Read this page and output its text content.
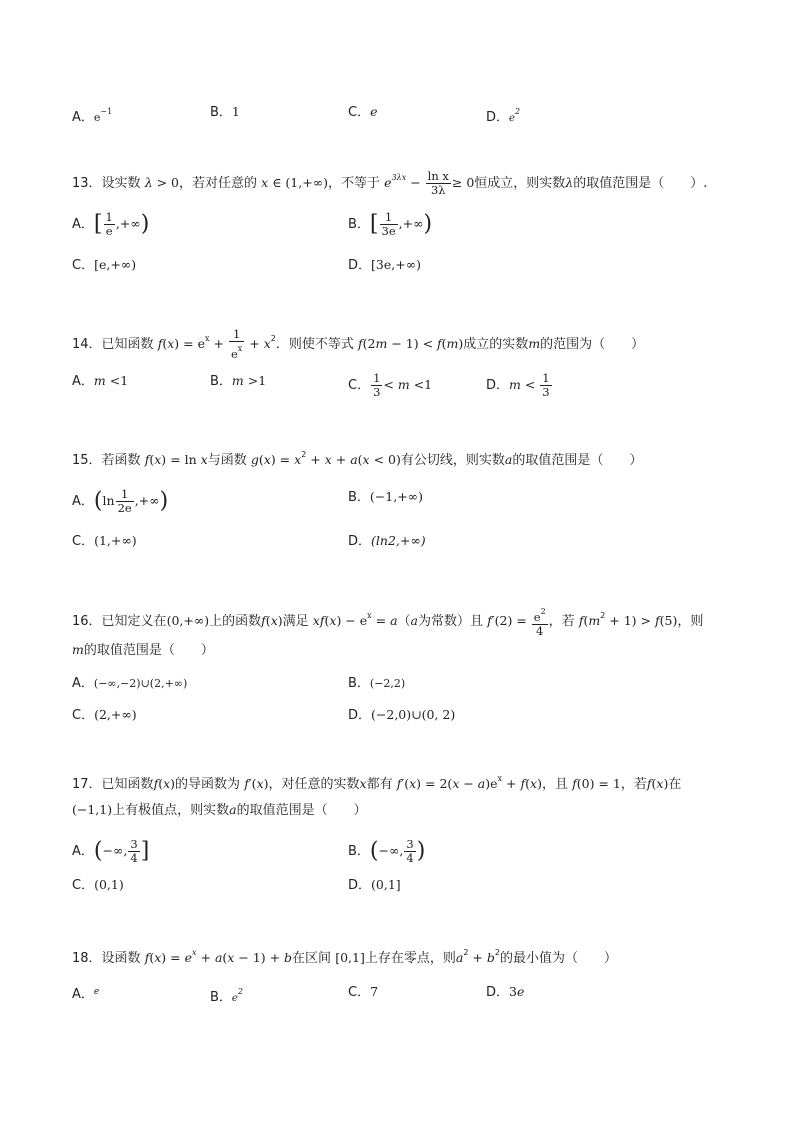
A．$e^{-1}$	B．1	C．e	D．$e^2$
13．设实数 λ > 0，若对任意的 x ∈ (1,+∞)，不等于 $e^{3\lambda x} - \frac{\text{ln x}}{3\lambda} \ge 0$恒成立，则实数λ的取值范围是（　　）.
A．[ $\frac{1}{e}$ ,+∞)	B．[ $\frac{1}{3e}$ ,+∞)
C．[e,+∞)	D．[3e,+∞)
14．已知函数 $f(x) = e^x + \frac{1}{e^x} + x^2$．则使不等式 f(2m − 1) < f(m)成立的实数m的范围为（　　）
A．m <1	B．m >1	C． $\frac{1}{3} < m <1$	D．$m < \frac{1}{3}$
15．若函数 f(x) = ln x与函数 $g(x) = x^2 + x + a(x < 0)$有公切线，则实数a的取值范围是（　　）
A．($\ln \frac{1}{2e}$ ,+∞)	B．(−1,+∞)
C．(1,+∞)	D．(ln2,+∞)
16．已知定义在(0,+∞)上的函数f(x)满足 $xf(x) - e^x = a(a$为常数）且 $f'(2) = \frac{e^2}{4}$ ，若 $f(m^2 + 1) > f(5)$，则
m的取值范围是（　　）
A．(−∞,−2)∪(2,+∞)	B．(−2,2)
C．(2,+∞)	D．(−2,0)∪(0, 2)
17．已知函数f(x)的导函数为 f′(x)，对任意的实数x都有 $f'(x) = 2(x - a)e^x + f(x)$，且 f(0) = 1，若f(x)在
(−1,1)上有极值点，则实数a的取值范围是（　　）
A．(−∞, $\frac{3}{4}$ ]	B．(−∞, $\frac{3}{4}$ )
C．(0,1)	D．(0,1]
18．设函数 $f(x) = e^x + a(x - 1) + b$在区间 [0,1]上存在零点，则$a^2 + b^2$的最小值为（　　）
A．$^e$	B．$e^2$	C．7	D．3e
